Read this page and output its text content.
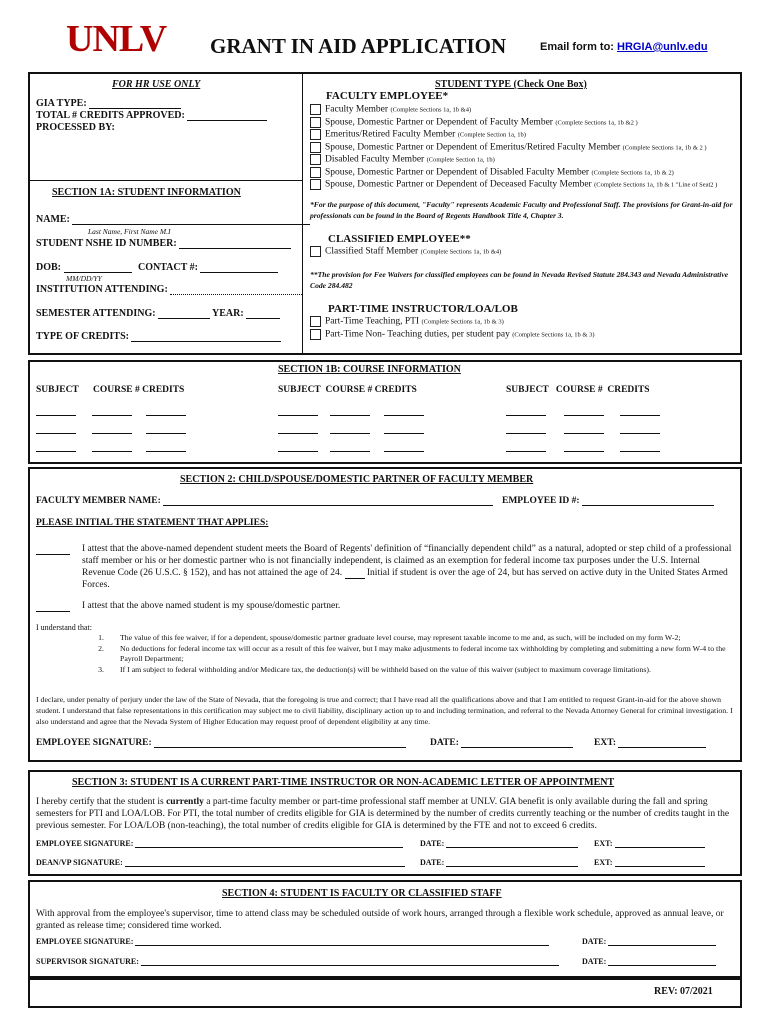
UNLV GRANT IN AID APPLICATION	Email form to: HRGIA@unlv.edu
FOR HR USE ONLY
GIA TYPE:
TOTAL # CREDITS APPROVED:
PROCESSED BY:
SECTION 1A: STUDENT INFORMATION
NAME:
Last Name, First Name M.I
STUDENT NSHE ID NUMBER:
DOB:	CONTACT #:
MM/DD/YY
INSTITUTION ATTENDING:
SEMESTER ATTENDING:	YEAR:
TYPE OF CREDITS:
STUDENT TYPE (Check One Box)
FACULTY EMPLOYEE*
Faculty Member (Complete Sections 1a, 1b &4)
Spouse, Domestic Partner or Dependent of Faculty Member (Complete Sections 1a, 1b &2 )
Emeritus/Retired Faculty Member (Complete Section 1a, 1b)
Spouse, Domestic Partner or Dependent of Emeritus/Retired Faculty Member (Complete Sections 1a, 1b & 2 )
Disabled Faculty Member (Complete Section 1a, 1b)
Spouse, Domestic Partner or Dependent of Disabled Faculty Member (Complete Sections 1a, 1b & 2)
Spouse, Domestic Partner or Dependent of Deceased Faculty Member (Complete Sections 1a, 1b & 1 "Line of Seat2 )
*For the purpose of this document, "Faculty" represents Academic Faculty and Professional Staff. The provisions for Grant-in-aid for professionals can be found in the Board of Regents Handbook Title 4, Chapter 3.
CLASSIFIED EMPLOYEE**
Classified Staff Member (Complete Sections 1a, 1b &4)
**The provision for Fee Waivers for classified employees can be found in Nevada Revised Statute 284.343 and Nevada Administrative Code 284.482
PART-TIME INSTRUCTOR/LOA/LOB
Part-Time Teaching, PTI (Complete Sections 1a, 1b & 3)
Part-Time Non- Teaching duties, per student pay (Complete Sections 1a, 1b & 3)
SECTION 1B: COURSE INFORMATION
SUBJECT COURSE # CREDITS	SUBJECT COURSE # CREDITS	SUBJECT COURSE # CREDITS
SECTION 2: CHILD/SPOUSE/DOMESTIC PARTNER OF FACULTY MEMBER
FACULTY MEMBER NAME:	EMPLOYEE ID #:
PLEASE INITIAL THE STATEMENT THAT APPLIES:
I attest that the above-named dependent student meets the Board of Regents' definition of “financially dependent child” as a natural, adopted or step child of a professional staff member or his or her domestic partner who is not financially independent, is claimed as an exemption for federal income tax purposes under the U.S. Internal Revenue Code (26 U.S.C. § 152), and has not attained the age of 24.	Initial if student is over the age of 24, but has served on active duty in the United States Armed Forces.
I attest that the above named student is my spouse/domestic partner.
I understand that:
1.	The value of this fee waiver, if for a dependent, spouse/domestic partner graduate level course, may represent taxable income to me and, as such, will be included on my form W-2;
2.	No deductions for federal income tax will occur as a result of this fee waiver, but I may make adjustments to federal income tax withholding by completing and submitting a new form W-4 to the Payroll Department;
3.	If I am subject to federal withholding and/or Medicare tax, the deduction(s) will be withheld based on the value of this waiver (subject to maximum coverage limitations).
I declare, under penalty of perjury under the law of the State of Nevada, that the foregoing is true and correct; that I have read all the qualifications above and that I am entitled to request Grant-in-aid for the above shown student. I understand that false representations in this certification may subject me to civil liability, disciplinary action up to and including termination, and referral to the Nevada Attorney General for criminal investigation. I also understand and agree that the Nevada System of Higher Education may request proof of dependent eligibility at any time.
EMPLOYEE SIGNATURE:	DATE:	EXT:
SECTION 3: STUDENT IS A CURRENT PART-TIME INSTRUCTOR OR NON-ACADEMIC LETTER OF APPOINTMENT
I hereby certify that the student is currently a part-time faculty member or part-time professional staff member at UNLV. GIA benefit is only available during the fall and spring semesters for PTI and LOA/LOB. For PTI, the total number of credits eligible for GIA is determined by the number of credits currently teaching or the number of credits taught in the previous semester. For LOA/LOB (non-teaching), the total number of credits eligible for GIA is determined by the FTE and not to exceed 6 credits.
EMPLOYEE SIGNATURE:	DATE:	EXT:
DEAN/VP SIGNATURE:	DATE:	EXT:
SECTION 4: STUDENT IS FACULTY OR CLASSIFIED STAFF
With approval from the employee's supervisor, time to attend class may be scheduled outside of work hours, arranged through a flexible work schedule, approved as annual leave, or granted as release time; considered time worked.
EMPLOYEE SIGNATURE:	DATE:
SUPERVISOR SIGNATURE:	DATE:
REV: 07/2021
